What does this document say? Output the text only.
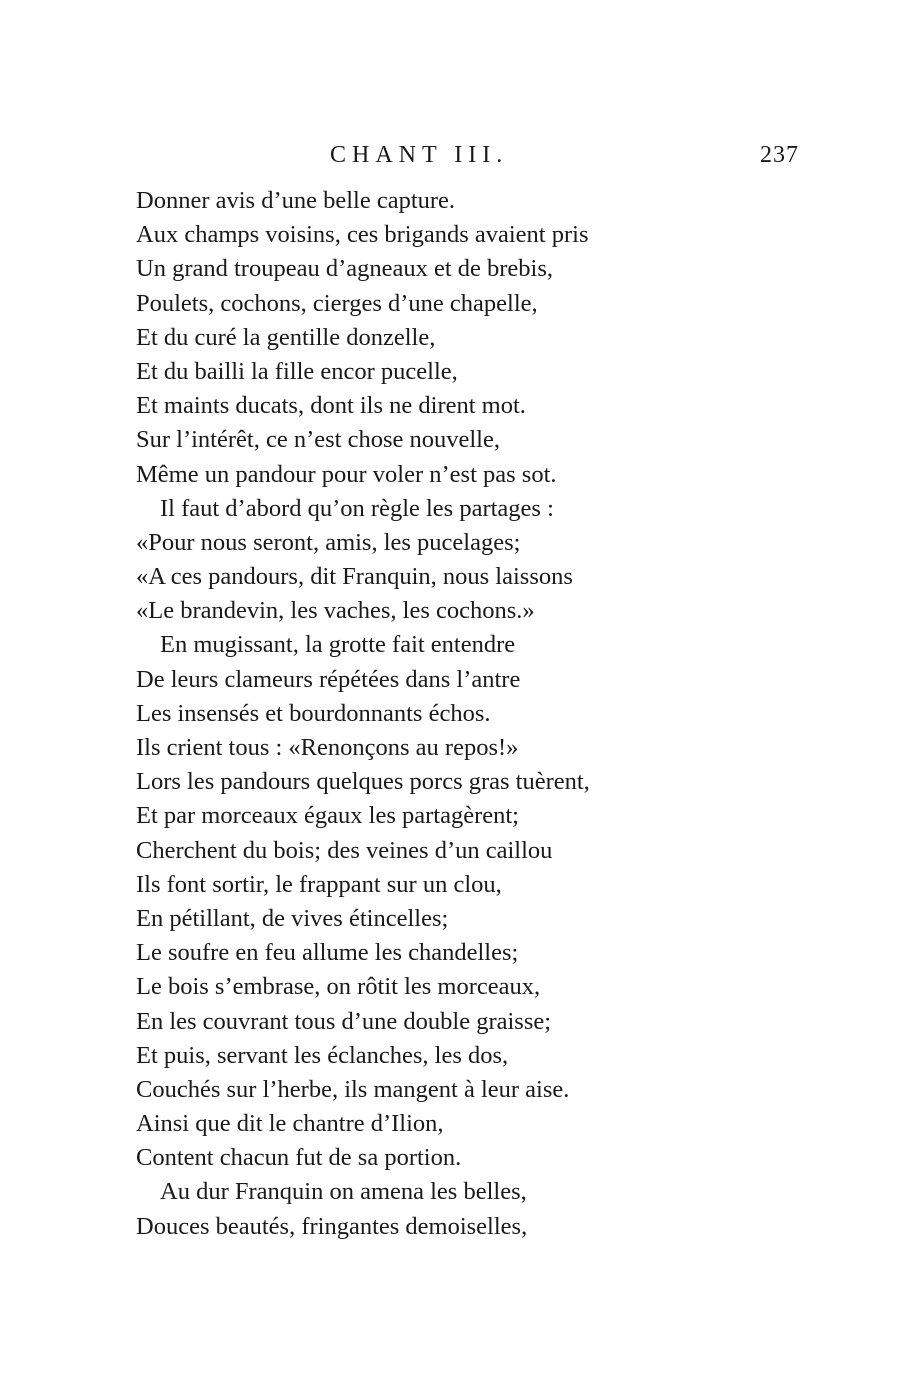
CHANT III.	237
Donner avis d’une belle capture.
Aux champs voisins, ces brigands avaient pris
Un grand troupeau d’agneaux et de brebis,
Poulets, cochons, cierges d’une chapelle,
Et du curé la gentille donzelle,
Et du bailli la fille encor pucelle,
Et maints ducats, dont ils ne dirent mot.
Sur l’intérêt, ce n’est chose nouvelle,
Même un pandour pour voler n’est pas sot.
Il faut d’abord qu’on règle les partages :
«Pour nous seront, amis, les pucelages;
«A ces pandours, dit Franquin, nous laissons
«Le brandevin, les vaches, les cochons.»
En mugissant, la grotte fait entendre
De leurs clameurs répétées dans l’antre
Les insensés et bourdonnants échos.
Ils crient tous : «Renonçons au repos!»
Lors les pandours quelques porcs gras tuèrent,
Et par morceaux égaux les partagèrent;
Cherchent du bois; des veines d’un caillou
Ils font sortir, le frappant sur un clou,
En pétillant, de vives étincelles;
Le soufre en feu allume les chandelles;
Le bois s’embrase, on rôtit les morceaux,
En les couvrant tous d’une double graisse;
Et puis, servant les éclanches, les dos,
Couchés sur l’herbe, ils mangent à leur aise.
Ainsi que dit le chantre d’Ilion,
Content chacun fut de sa portion.
Au dur Franquin on amena les belles,
Douces beautés, fringantes demoiselles,
